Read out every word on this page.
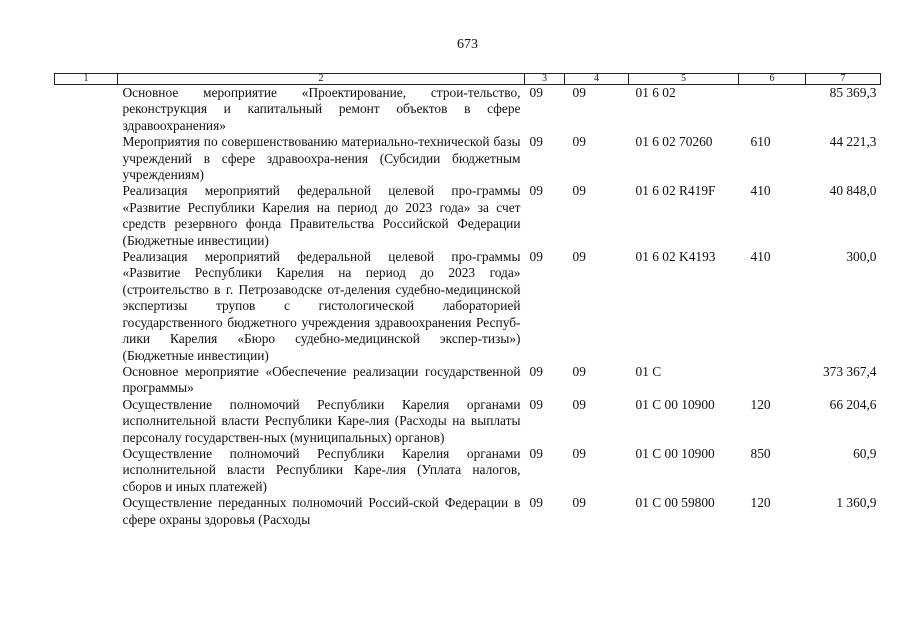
673
1	2	3	4	5	6	7
	Основное мероприятие «Проектирование, строи-тельство, реконструкция и капитальный ремонт объектов в сфере здравоохранения»	09	09	01 6 02		85 369,3
	Мероприятия по совершенствованию материально-технической базы учреждений в сфере здравоохра-нения (Субсидии бюджетным учреждениям)	09	09	01 6 02 70260	610	44 221,3
	Реализация мероприятий федеральной целевой про-граммы «Развитие Республики Карелия на период до 2023 года» за счет средств резервного фонда Правительства Российской Федерации (Бюджетные инвестиции)	09	09	01 6 02 R419F	410	40 848,0
	Реализация мероприятий федеральной целевой про-граммы «Развитие Республики Карелия на период до 2023 года» (строительство в г. Петрозаводске от-деления судебно-медицинской экспертизы трупов с гистологической лабораторией государственного бюджетного учреждения здравоохранения Респуб-лики Карелия «Бюро судебно-медицинской экспер-тизы») (Бюджетные инвестиции)	09	09	01 6 02 K4193	410	300,0
	Основное мероприятие «Обеспечение реализации государственной программы»	09	09	01 С		373 367,4
	Осуществление полномочий Республики Карелия органами исполнительной власти Республики Каре-лия (Расходы на выплаты персоналу государствен-ных (муниципальных) органов)	09	09	01 С 00 10900	120	66 204,6
	Осуществление полномочий Республики Карелия органами исполнительной власти Республики Каре-лия (Уплата налогов, сборов и иных платежей)	09	09	01 С 00 10900	850	60,9
	Осуществление переданных полномочий Россий-ской Федерации в сфере охраны здоровья (Расходы	09	09	01 С 00 59800	120	1 360,9
